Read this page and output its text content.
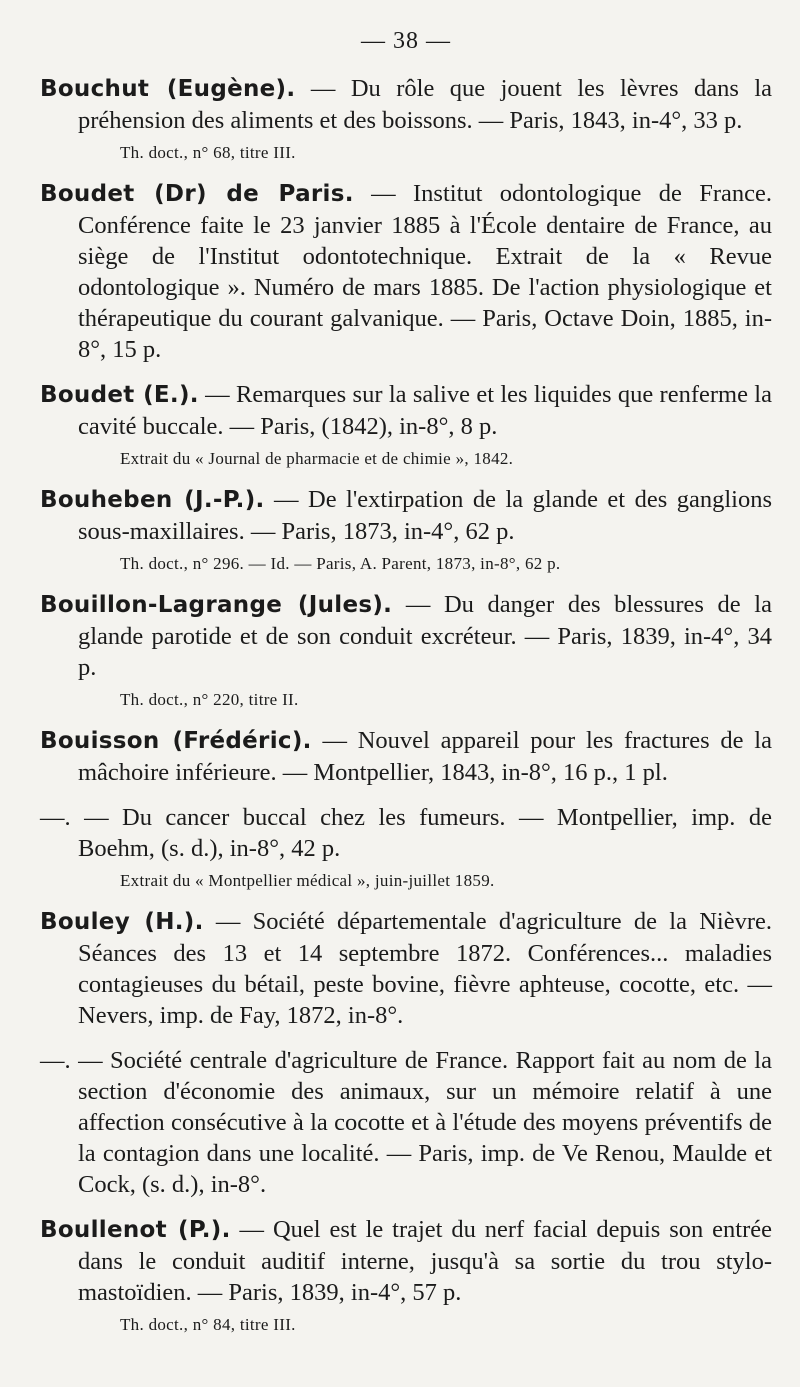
— 38 —
Bouchut (Eugène). — Du rôle que jouent les lèvres dans la préhension des aliments et des boissons. — Paris, 1843, in-4°, 33 p.
Th. doct., n° 68, titre III.
Boudet (Dr) de Paris. — Institut odontologique de France. Conférence faite le 23 janvier 1885 à l'École dentaire de France, au siège de l'Institut odontotechnique. Extrait de la « Revue odontologique ». Numéro de mars 1885. De l'action physiologique et thérapeutique du courant galvanique. — Paris, Octave Doin, 1885, in-8°, 15 p.
Boudet (E.). — Remarques sur la salive et les liquides que renferme la cavité buccale. — Paris, (1842), in-8°, 8 p.
Extrait du « Journal de pharmacie et de chimie », 1842.
Bouheben (J.-P.). — De l'extirpation de la glande et des ganglions sous-maxillaires. — Paris, 1873, in-4°, 62 p.
Th. doct., n° 296. — Id. — Paris, A. Parent, 1873, in-8°, 62 p.
Bouillon-Lagrange (Jules). — Du danger des blessures de la glande parotide et de son conduit excréteur. — Paris, 1839, in-4°, 34 p.
Th. doct., n° 220, titre II.
Bouisson (Frédéric). — Nouvel appareil pour les fractures de la mâchoire inférieure. — Montpellier, 1843, in-8°, 16 p., 1 pl.
—. — Du cancer buccal chez les fumeurs. — Montpellier, imp. de Boehm, (s. d.), in-8°, 42 p.
Extrait du « Montpellier médical », juin-juillet 1859.
Bouley (H.). — Société départementale d'agriculture de la Nièvre. Séances des 13 et 14 septembre 1872. Conférences... maladies contagieuses du bétail, peste bovine, fièvre aphteuse, cocotte, etc. — Nevers, imp. de Fay, 1872, in-8°.
—. — Société centrale d'agriculture de France. Rapport fait au nom de la section d'économie des animaux, sur un mémoire relatif à une affection consécutive à la cocotte et à l'étude des moyens préventifs de la contagion dans une localité. — Paris, imp. de Ve Renou, Maulde et Cock, (s. d.), in-8°.
Boullenot (P.). — Quel est le trajet du nerf facial depuis son entrée dans le conduit auditif interne, jusqu'à sa sortie du trou stylo-mastoïdien. — Paris, 1839, in-4°, 57 p.
Th. doct., n° 84, titre III.
